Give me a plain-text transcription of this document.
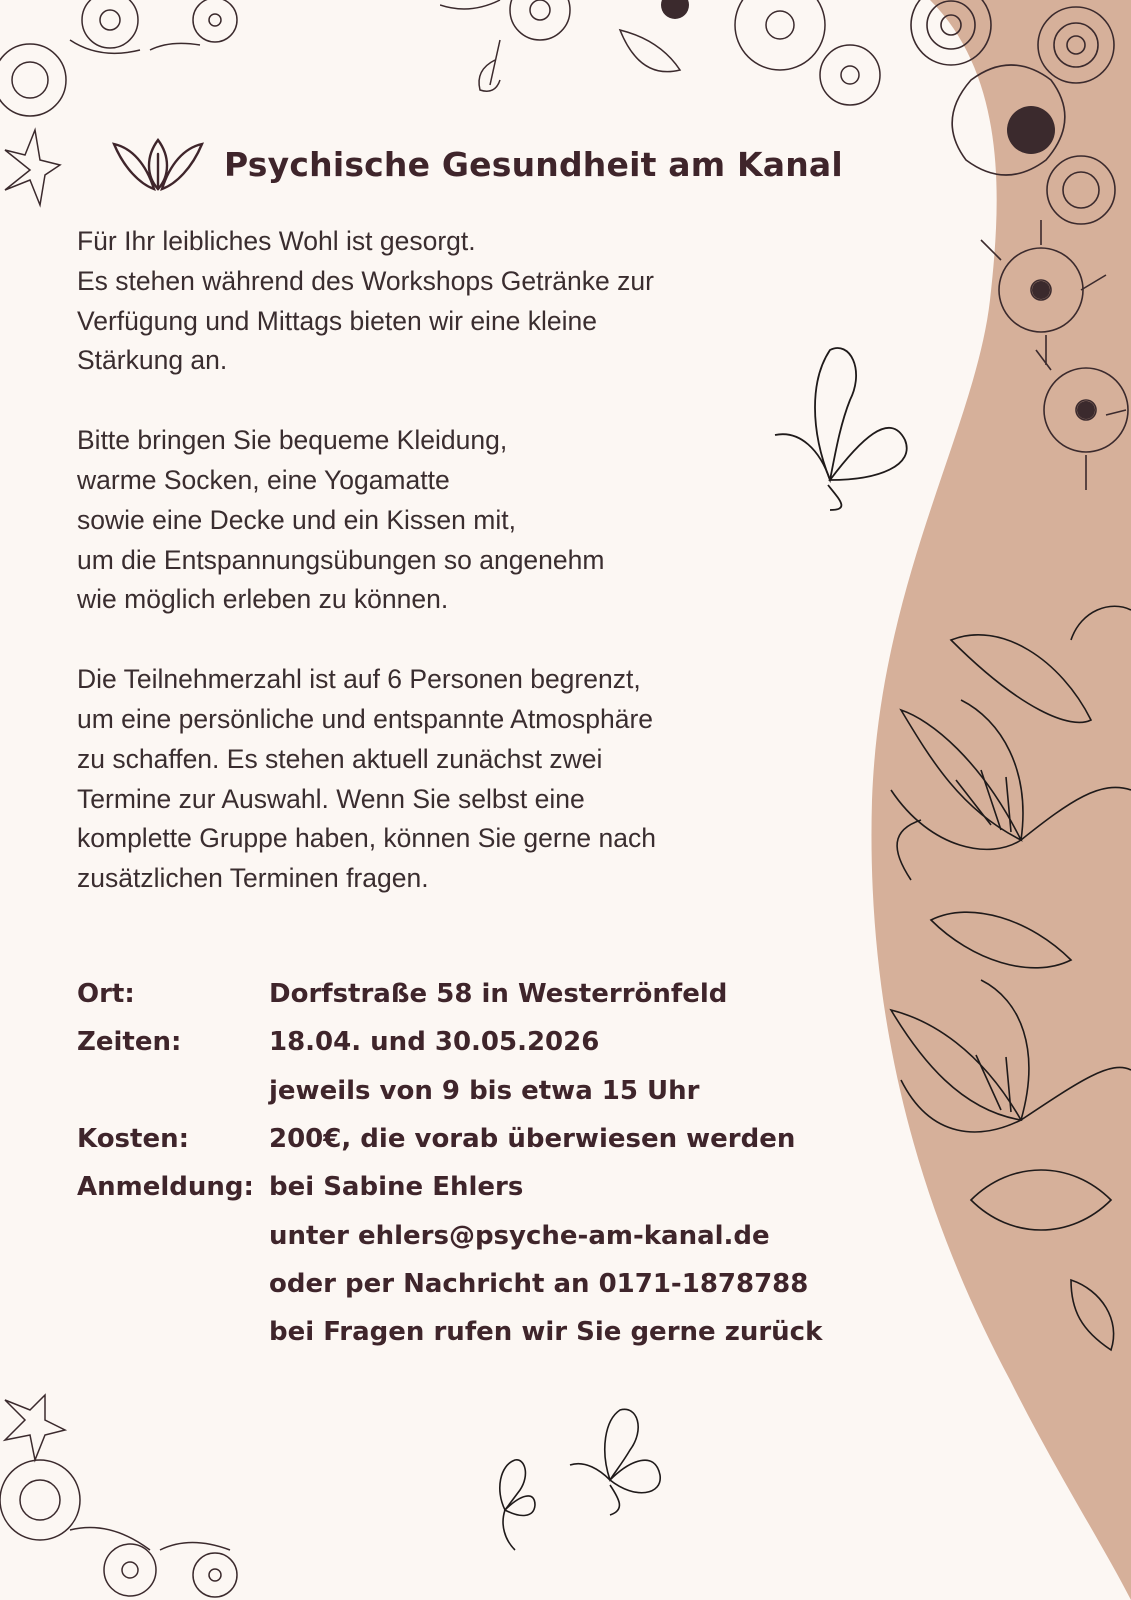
Psychische Gesundheit am Kanal
Für Ihr leibliches Wohl ist gesorgt.
Es stehen während des Workshops Getränke zur
Verfügung und Mittags bieten wir eine kleine
Stärkung an.
Bitte bringen Sie bequeme Kleidung,
warme Socken, eine Yogamatte
sowie eine Decke und ein Kissen mit,
um die Entspannungsübungen so angenehm
wie möglich erleben zu können.
Die Teilnehmerzahl ist auf 6 Personen begrenzt,
um eine persönliche und entspannte Atmosphäre
zu schaffen. Es stehen aktuell zunächst zwei
Termine zur Auswahl. Wenn Sie selbst eine
komplette Gruppe haben, können Sie gerne nach
zusätzlichen Terminen fragen.
Ort:	Dorfstraße 58 in Westerrönfeld
Zeiten:	18.04. und 30.05.2026
jeweils von 9 bis etwa 15 Uhr
Kosten:	200€, die vorab überwiesen werden
Anmeldung: bei Sabine Ehlers
unter ehlers@psyche-am-kanal.de
oder per Nachricht an 0171-1878788
bei Fragen rufen wir Sie gerne zurück
